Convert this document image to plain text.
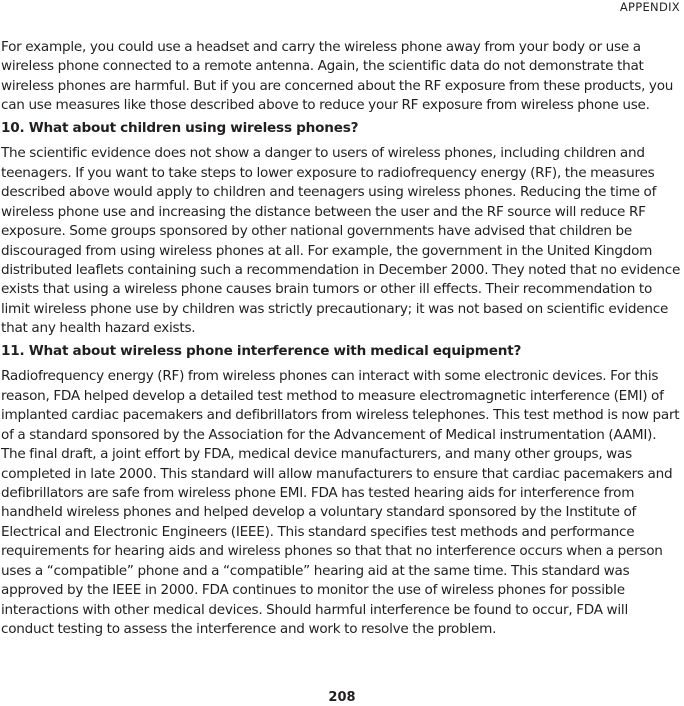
APPENDIX

For example, you could use a headset and carry the wireless phone away from your body or use a wireless phone connected to a remote antenna. Again, the scientific data do not demonstrate that wireless phones are harmful. But if you are concerned about the RF exposure from these products, you can use measures like those described above to reduce your RF exposure from wireless phone use.

10. What about children using wireless phones?

The scientific evidence does not show a danger to users of wireless phones, including children and teenagers. If you want to take steps to lower exposure to radiofrequency energy (RF), the measures described above would apply to children and teenagers using wireless phones. Reducing the time of wireless phone use and increasing the distance between the user and the RF source will reduce RF exposure. Some groups sponsored by other national governments have advised that children be discouraged from using wireless phones at all. For example, the government in the United Kingdom distributed leaflets containing such a recommendation in December 2000. They noted that no evidence exists that using a wireless phone causes brain tumors or other ill effects. Their recommendation to limit wireless phone use by children was strictly precautionary; it was not based on scientific evidence that any health hazard exists.

11. What about wireless phone interference with medical equipment?

Radiofrequency energy (RF) from wireless phones can interact with some electronic devices. For this reason, FDA helped develop a detailed test method to measure electromagnetic interference (EMI) of implanted cardiac pacemakers and defibrillators from wireless telephones. This test method is now part of a standard sponsored by the Association for the Advancement of Medical instrumentation (AAMI). The final draft, a joint effort by FDA, medical device manufacturers, and many other groups, was completed in late 2000. This standard will allow manufacturers to ensure that cardiac pacemakers and defibrillators are safe from wireless phone EMI. FDA has tested hearing aids for interference from handheld wireless phones and helped develop a voluntary standard sponsored by the Institute of Electrical and Electronic Engineers (IEEE). This standard specifies test methods and performance requirements for hearing aids and wireless phones so that that no interference occurs when a person uses a “compatible” phone and a “compatible” hearing aid at the same time. This standard was approved by the IEEE in 2000. FDA continues to monitor the use of wireless phones for possible interactions with other medical devices. Should harmful interference be found to occur, FDA will conduct testing to assess the interference and work to resolve the problem.

208
